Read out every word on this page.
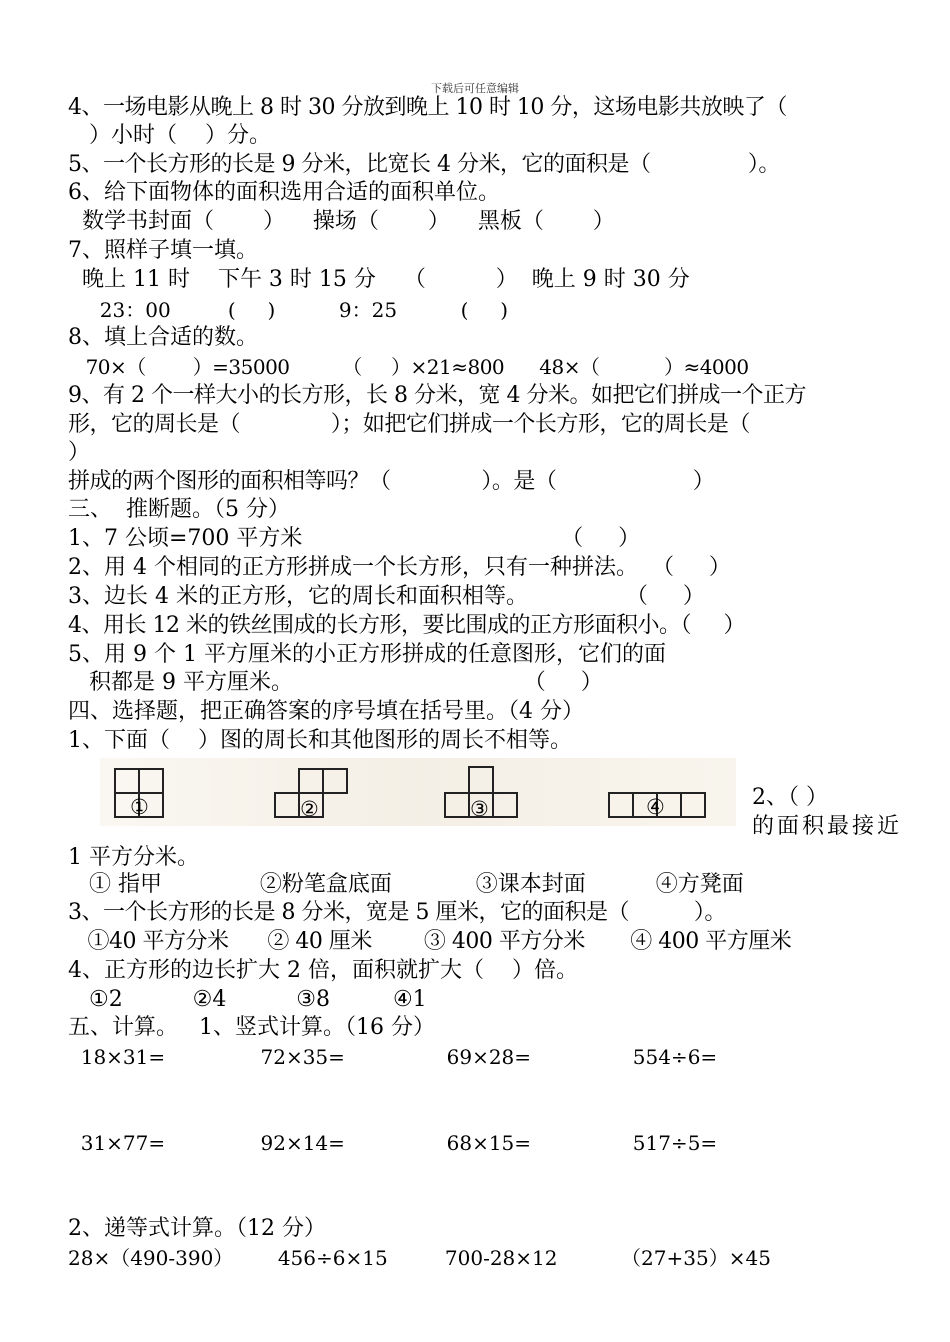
下载后可任意编辑
4、一场电影从晚上 8 时 30 分放到晚上 10 时 10 分，这场电影共放映了（
）小时（    ）分。
5、一个长方形的长是 9 分米，比宽长 4 分米，它的面积是（               ）。
6、给下面物体的面积选用合适的面积单位。
数学书封面（       ）    操场（       ）    黑板（       ）
7、照样子填一填。
晚上 11 时    下午 3 时 15 分    （          ）  晚上 9 时 30 分
23：00         (     )          9：25          (     )
8、填上合适的数。
70×（        ）=35000         （     ）×21≈800      48×（           ）≈4000
9、有 2 个一样大小的长方形，长 8 分米，宽 4 分米。如把它们拼成一个正方
形，它的周长是（              ）；如把它们拼成一个长方形，它的周长是（
）
拼成的两个图形的面积相等吗？（              ）。是（                     ）
三、  推断题。（5 分）
1、7 公顷=700 平方米                                     （     ）
2、用 4 个相同的正方形拼成一个长方形，只有一种拼法。  （     ）
3、边长 4 米的正方形，它的周长和面积相等。              （     ）
4、用长 12 米的铁丝围成的长方形，要比围成的正方形面积小。（     ）
5、用 9 个 1 平方厘米的小正方形拼成的任意图形，它们的面
积都是 9 平方厘米。                                 （     ）
四、选择题，把正确答案的序号填在括号里。（4 分）
1、下面（    ）图的周长和其他图形的周长不相等。
①	②	③	④	2、（ ）
的面积最接近
1 平方分米。
① 指甲              ②粉笔盒底面            ③课本封面          ④方凳面
3、一个长方形的长是 8 分米，宽是 5 厘米，它的面积是（          ）。
①40 平方分米      ② 40 厘米        ③ 400 平方分米       ④ 400 平方厘米
4、正方形的边长扩大 2 倍，面积就扩大（    ）倍。
①2          ②4          ③8         ④1
五、计算。   1、竖式计算。（16 分）
18×31=               72×35=                69×28=                554÷6=
31×77=               92×14=                68×15=                517÷5=
2、递等式计算。（12 分）
28×（490-390）       456÷6×15         700-28×12          （27+35）×45
